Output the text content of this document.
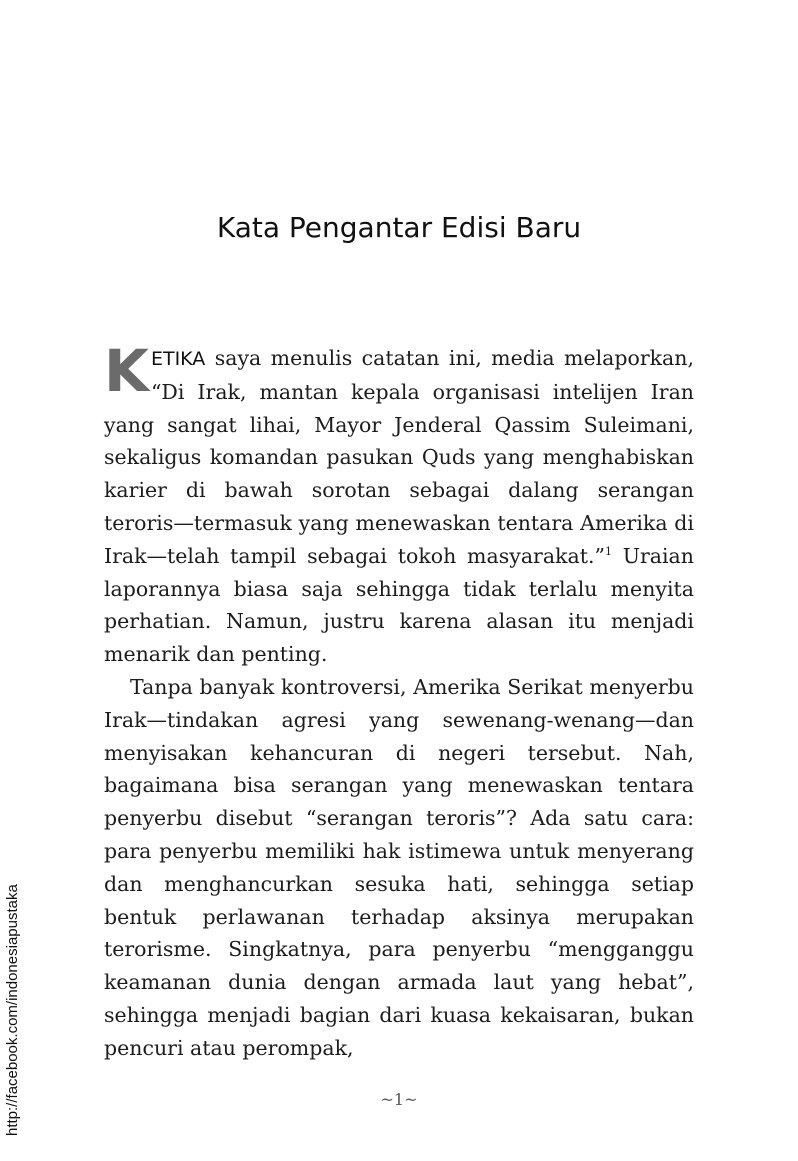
Kata Pengantar Edisi Baru

KETIKA saya menulis catatan ini, media melaporkan, “Di Irak, mantan kepala organisasi intelijen Iran yang sangat lihai, Mayor Jenderal Qassim Suleimani, sekaligus komandan pasukan Quds yang menghabiskan karier di bawah sorotan sebagai dalang serangan teroris—termasuk yang menewaskan tentara Amerika di Irak—telah tampil sebagai tokoh masyarakat.”$^1$ Uraian laporannya biasa saja sehingga tidak terlalu menyita perhatian. Namun, justru karena alasan itu menjadi menarik dan penting.

Tanpa banyak kontroversi, Amerika Serikat menyerbu Irak—tindakan agresi yang sewenang-wenang—dan menyisakan kehancuran di negeri tersebut. Nah, bagaimana bisa serangan yang menewaskan tentara penyerbu disebut “serangan teroris”? Ada satu cara: para penyerbu memiliki hak istimewa untuk menyerang dan menghancurkan sesuka hati, sehingga setiap bentuk perlawanan terhadap aksinya merupakan terorisme. Singkatnya, para penyerbu “mengganggu keamanan dunia dengan armada laut yang hebat”, sehingga menjadi bagian dari kuasa kekaisaran, bukan pencuri atau perompak,

~1~
http://facebook.com/indonesiapustaka
